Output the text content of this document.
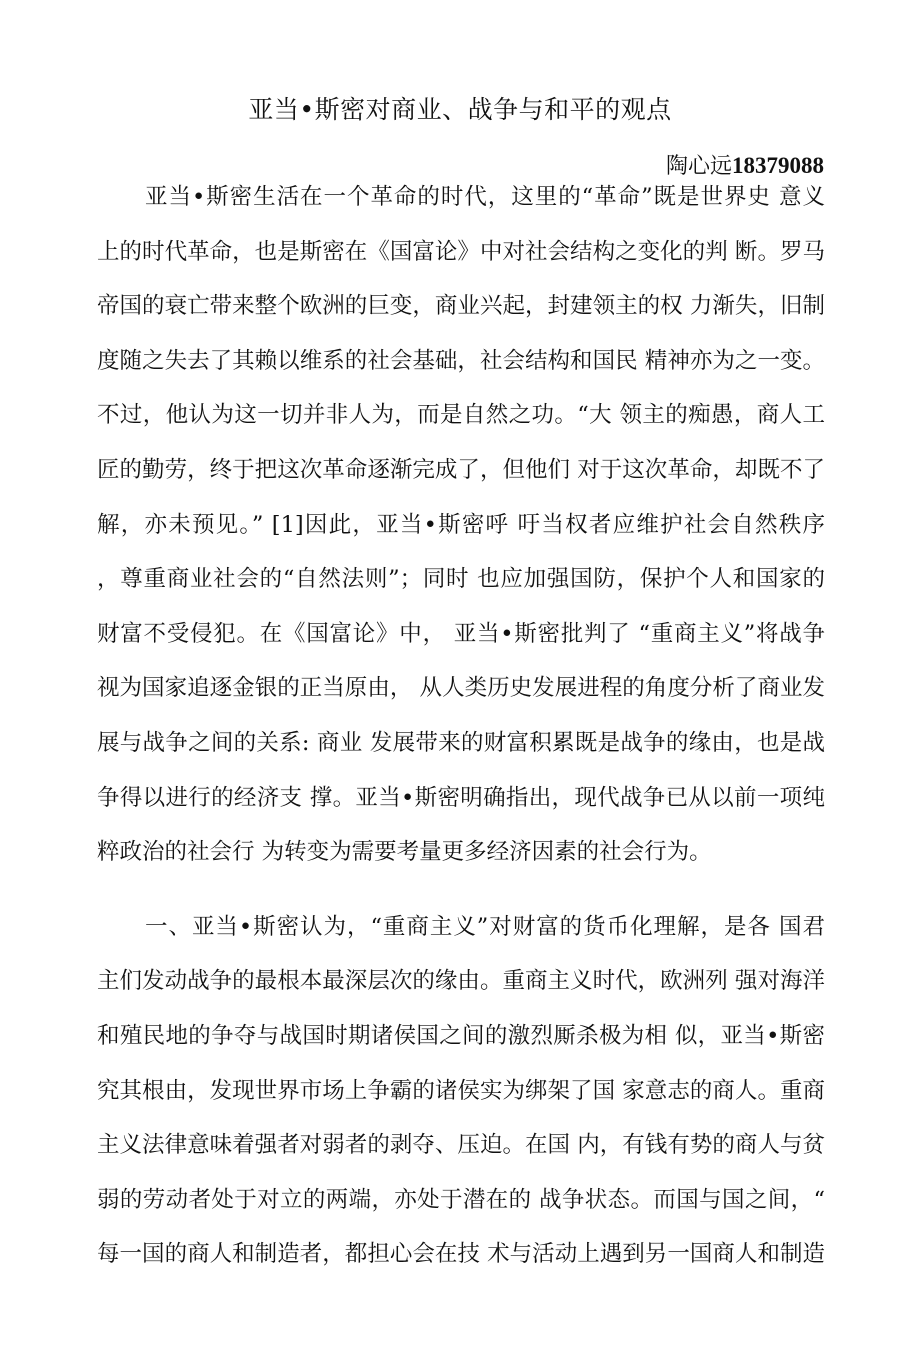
亚当•斯密对商业、战争与和平的观点
陶心远18379088
亚当•斯密生活在一个革命的时代，这里的“革命”既是世界史 意义
上的时代革命，也是斯密在《国富论》中对社会结构之变化的判 断。罗马
帝国的衰亡带来整个欧洲的巨变，商业兴起，封建领主的权 力渐失，旧制
度随之失去了其赖以维系的社会基础，社会结构和国民 精神亦为之一变。
不过，他认为这一切并非人为，而是自然之功。“大 领主的痴愚，商人工
匠的勤劳，终于把这次革命逐渐完成了，但他们 对于这次革命，却既不了
解，亦未预见。” [1]因此，亚当•斯密呼 吁当权者应维护社会自然秩序
，尊重商业社会的“自然法则”；同时 也应加强国防，保护个人和国家的
财富不受侵犯。在《国富论》中， 亚当•斯密批判了 “重商主义”将战争
视为国家追逐金银的正当原由， 从人类历史发展进程的角度分析了商业发
展与战争之间的关系: 商业 发展带来的财富积累既是战争的缘由，也是战
争得以进行的经济支 撑。亚当•斯密明确指出，现代战争已从以前一项纯
粹政治的社会行 为转变为需要考量更多经济因素的社会行为。
一、亚当•斯密认为，“重商主义”对财富的货币化理解，是各 国君
主们发动战争的最根本最深层次的缘由。重商主义时代，欧洲列 强对海洋
和殖民地的争夺与战国时期诸侯国之间的激烈厮杀极为相 似，亚当•斯密
究其根由，发现世界市场上争霸的诸侯实为绑架了国 家意志的商人。重商
主义法律意味着强者对弱者的剥夺、压迫。在国 内，有钱有势的商人与贫
弱的劳动者处于对立的两端，亦处于潜在的 战争状态。而国与国之间，“
每一国的商人和制造者，都担心会在技 术与活动上遇到另一国商人和制造
